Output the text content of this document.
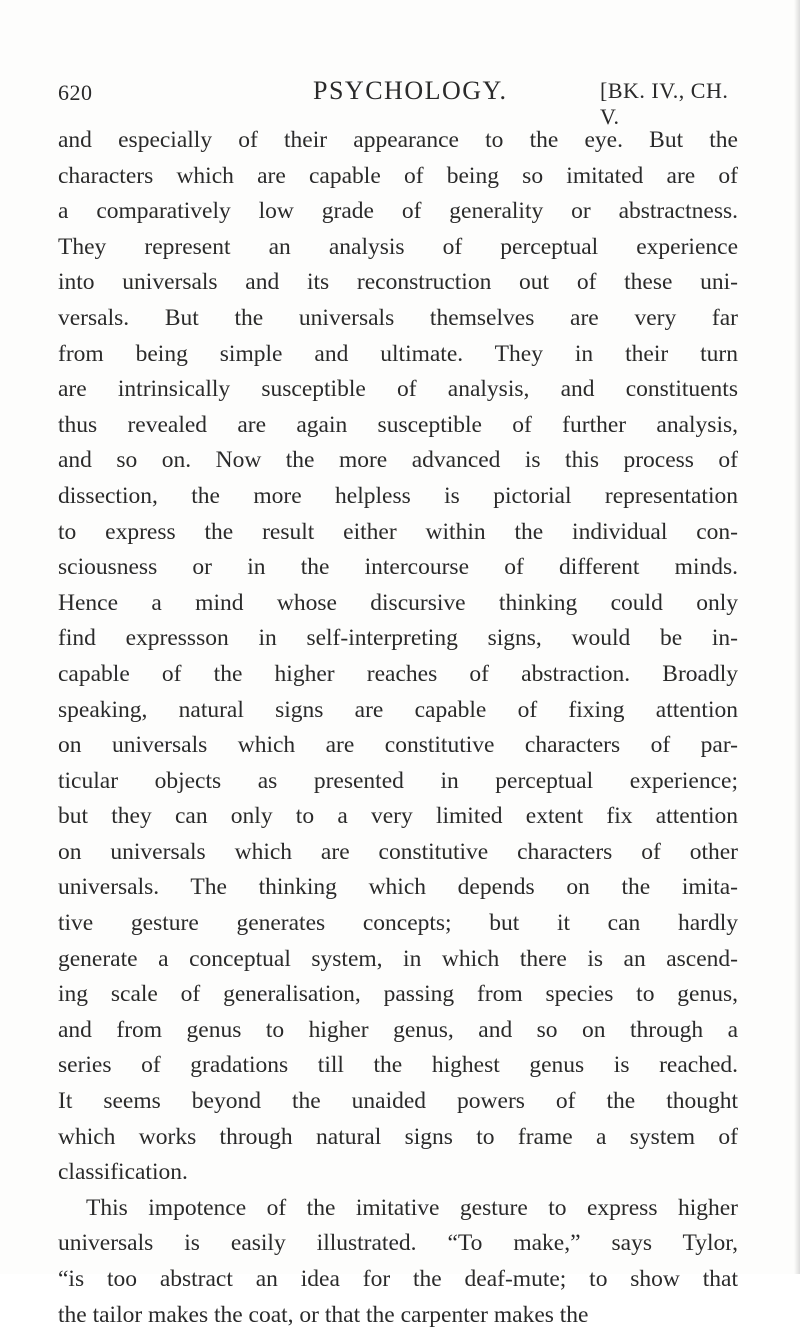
620	PSYCHOLOGY.	[BK. IV., CH. V.
and especially of their appearance to the eye. But the
characters which are capable of being so imitated are of
a comparatively low grade of generality or abstractness.
They represent an analysis of perceptual experience
into universals and its reconstruction out of these uni-
versals. But the universals themselves are very far
from being simple and ultimate. They in their turn
are intrinsically susceptible of analysis, and constituents
thus revealed are again susceptible of further analysis,
and so on. Now the more advanced is this process of
dissection, the more helpless is pictorial representation
to express the result either within the individual con-
sciousness or in the intercourse of different minds.
Hence a mind whose discursive thinking could only
find expressson in self-interpreting signs, would be in-
capable of the higher reaches of abstraction. Broadly
speaking, natural signs are capable of fixing attention
on universals which are constitutive characters of par-
ticular objects as presented in perceptual experience;
but they can only to a very limited extent fix attention
on universals which are constitutive characters of other
universals. The thinking which depends on the imita-
tive gesture generates concepts; but it can hardly
generate a conceptual system, in which there is an ascend-
ing scale of generalisation, passing from species to genus,
and from genus to higher genus, and so on through a
series of gradations till the highest genus is reached.
It seems beyond the unaided powers of the thought
which works through natural signs to frame a system of
classification.
This impotence of the imitative gesture to express higher
universals is easily illustrated. “To make,” says Tylor,
“is too abstract an idea for the deaf-mute; to show that
the tailor makes the coat, or that the carpenter makes the
